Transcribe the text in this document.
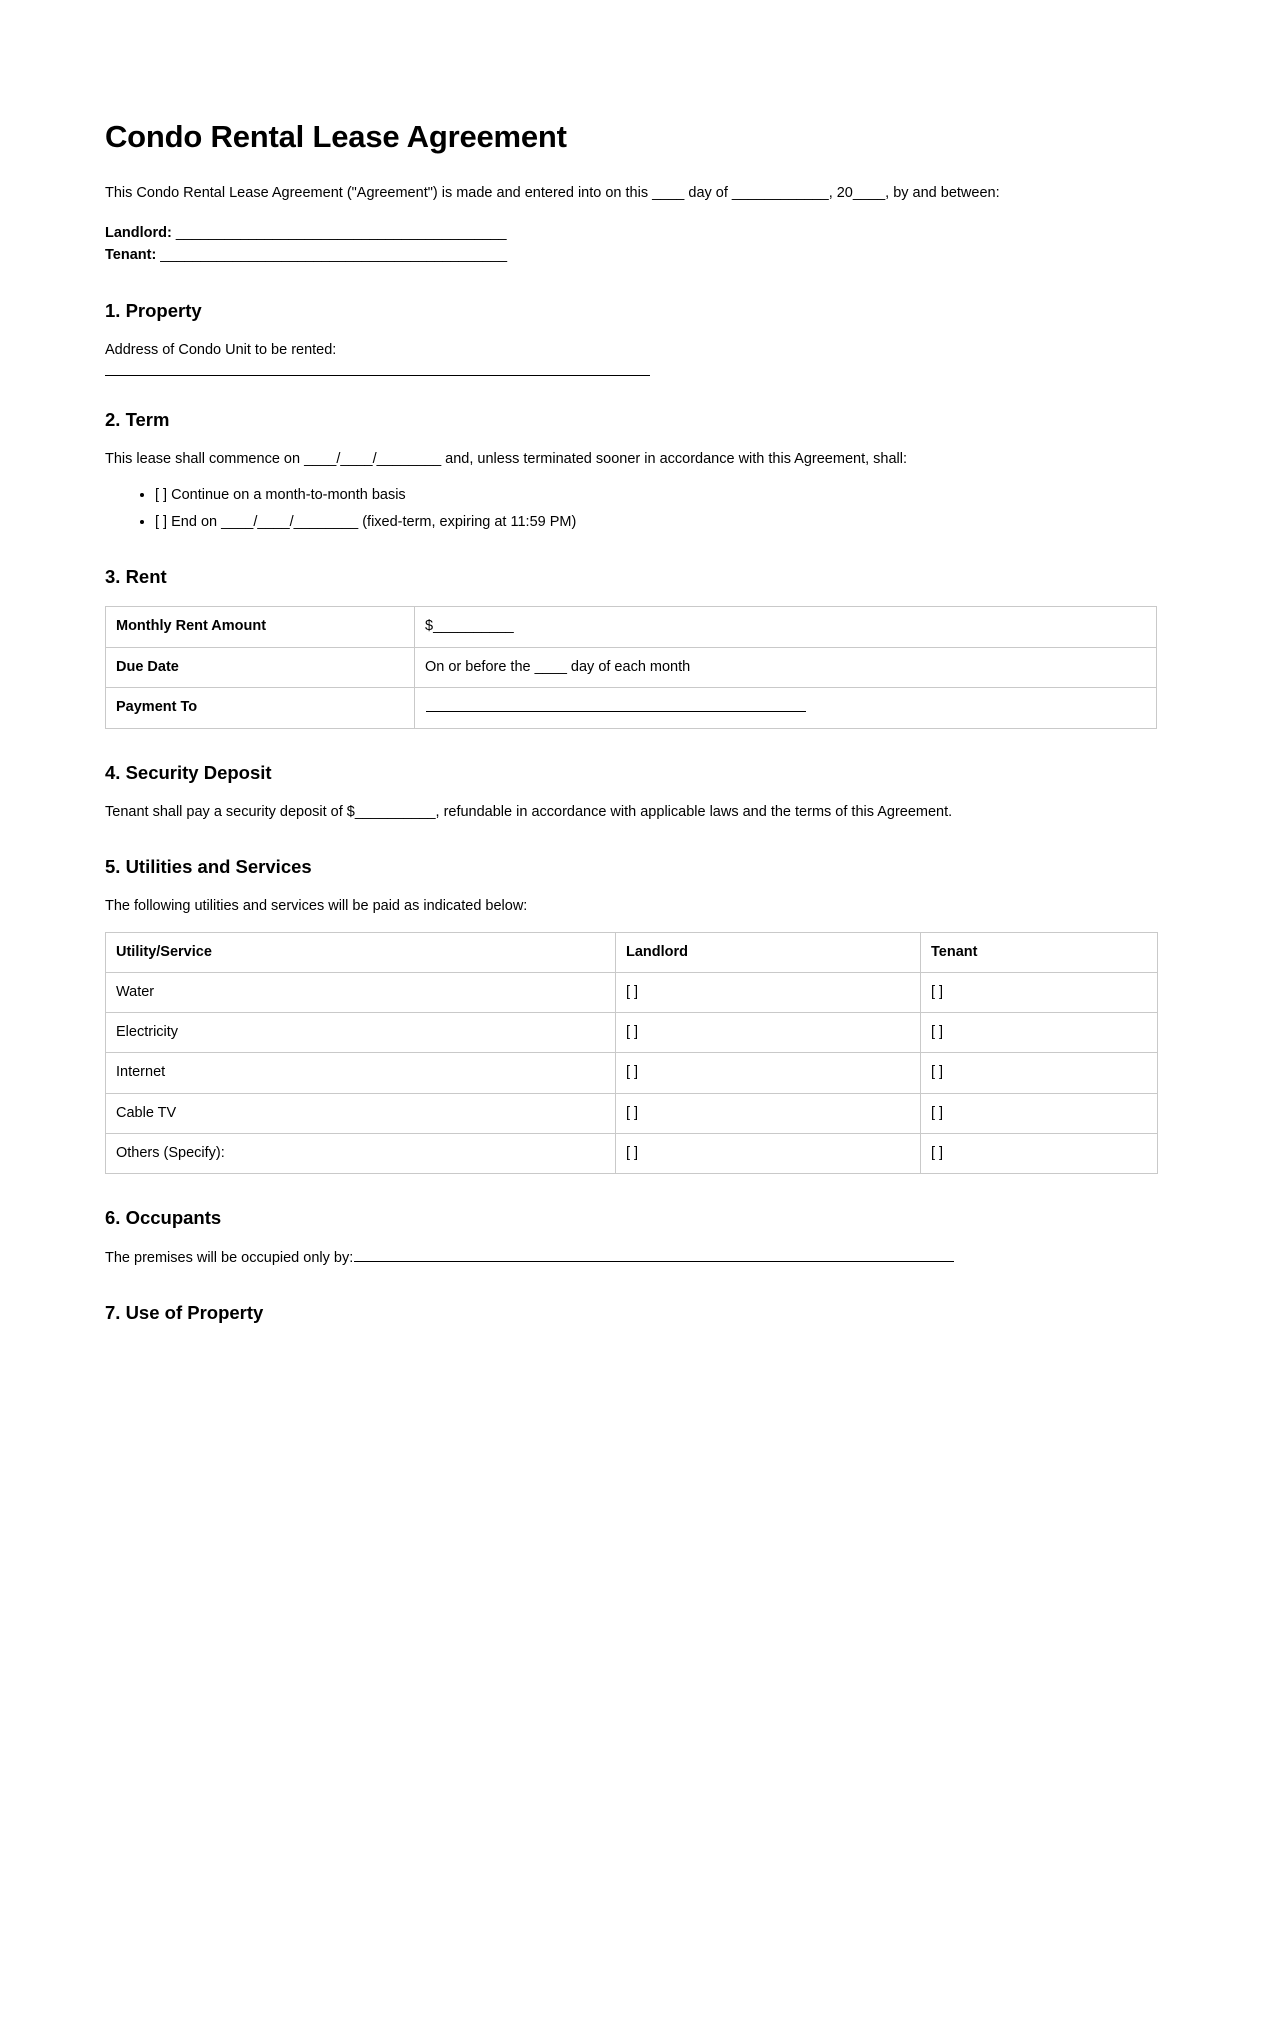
Condo Rental Lease Agreement

This Condo Rental Lease Agreement ("Agreement") is made and entered into on this ____ day of ____________, 20____, by and between:

Landlord: _________________________________________

Tenant: ___________________________________________

1. Property

Address of Condo Unit to be rented:

2. Term

This lease shall commence on ____/____/________ and, unless terminated sooner in accordance with this Agreement, shall:

• [ ] Continue on a month-to-month basis
• [ ] End on ____/____/________ (fixed-term, expiring at 11:59 PM)
3. Rent
Monthly Rent Amount	$__________
Due Date	On or before the ____ day of each month
Payment To	
4. Security Deposit

Tenant shall pay a security deposit of $__________, refundable in accordance with applicable laws and the terms of this Agreement.

5. Utilities and Services

The following utilities and services will be paid as indicated below:

Utility/Service	Landlord	Tenant
Water	[ ]	[ ]
Electricity	[ ]	[ ]
Internet	[ ]	[ ]
Cable TV	[ ]	[ ]
Others (Specify):	[ ]	[ ]
6. Occupants

The premises will be occupied only by:

7. Use of Property
